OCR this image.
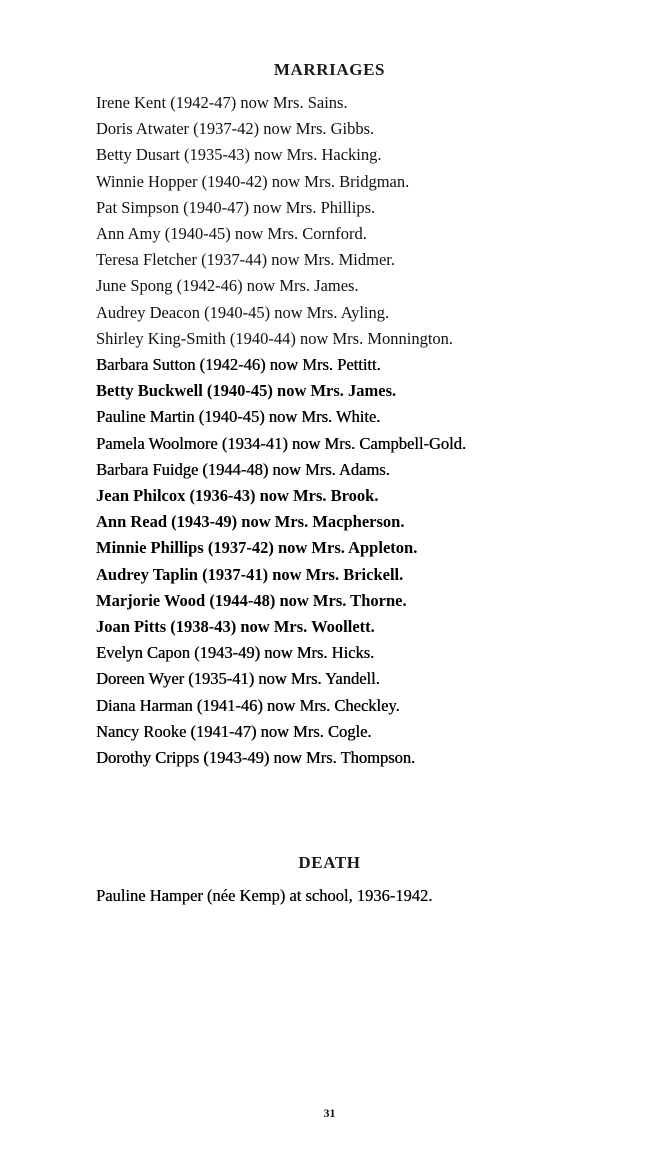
MARRIAGES
Irene Kent (1942-47) now Mrs. Sains.
Doris Atwater (1937-42) now Mrs. Gibbs.
Betty Dusart (1935-43) now Mrs. Hacking.
Winnie Hopper (1940-42) now Mrs. Bridgman.
Pat Simpson (1940-47) now Mrs. Phillips.
Ann Amy (1940-45) now Mrs. Cornford.
Teresa Fletcher (1937-44) now Mrs. Midmer.
June Spong (1942-46) now Mrs. James.
Audrey Deacon (1940-45) now Mrs. Ayling.
Shirley King-Smith (1940-44) now Mrs. Monnington.
Barbara Sutton (1942-46) now Mrs. Pettitt.
Betty Buckwell (1940-45) now Mrs. James.
Pauline Martin (1940-45) now Mrs. White.
Pamela Woolmore (1934-41) now Mrs. Campbell-Gold.
Barbara Fuidge (1944-48) now Mrs. Adams.
Jean Philcox (1936-43) now Mrs. Brook.
Ann Read (1943-49) now Mrs. Macpherson.
Minnie Phillips (1937-42) now Mrs. Appleton.
Audrey Taplin (1937-41) now Mrs. Brickell.
Marjorie Wood (1944-48) now Mrs. Thorne.
Joan Pitts (1938-43) now Mrs. Woollett.
Evelyn Capon (1943-49) now Mrs. Hicks.
Doreen Wyer (1935-41) now Mrs. Yandell.
Diana Harman (1941-46) now Mrs. Checkley.
Nancy Rooke (1941-47) now Mrs. Cogle.
Dorothy Cripps (1943-49) now Mrs. Thompson.
DEATH
Pauline Hamper (née Kemp) at school, 1936-1942.
31
